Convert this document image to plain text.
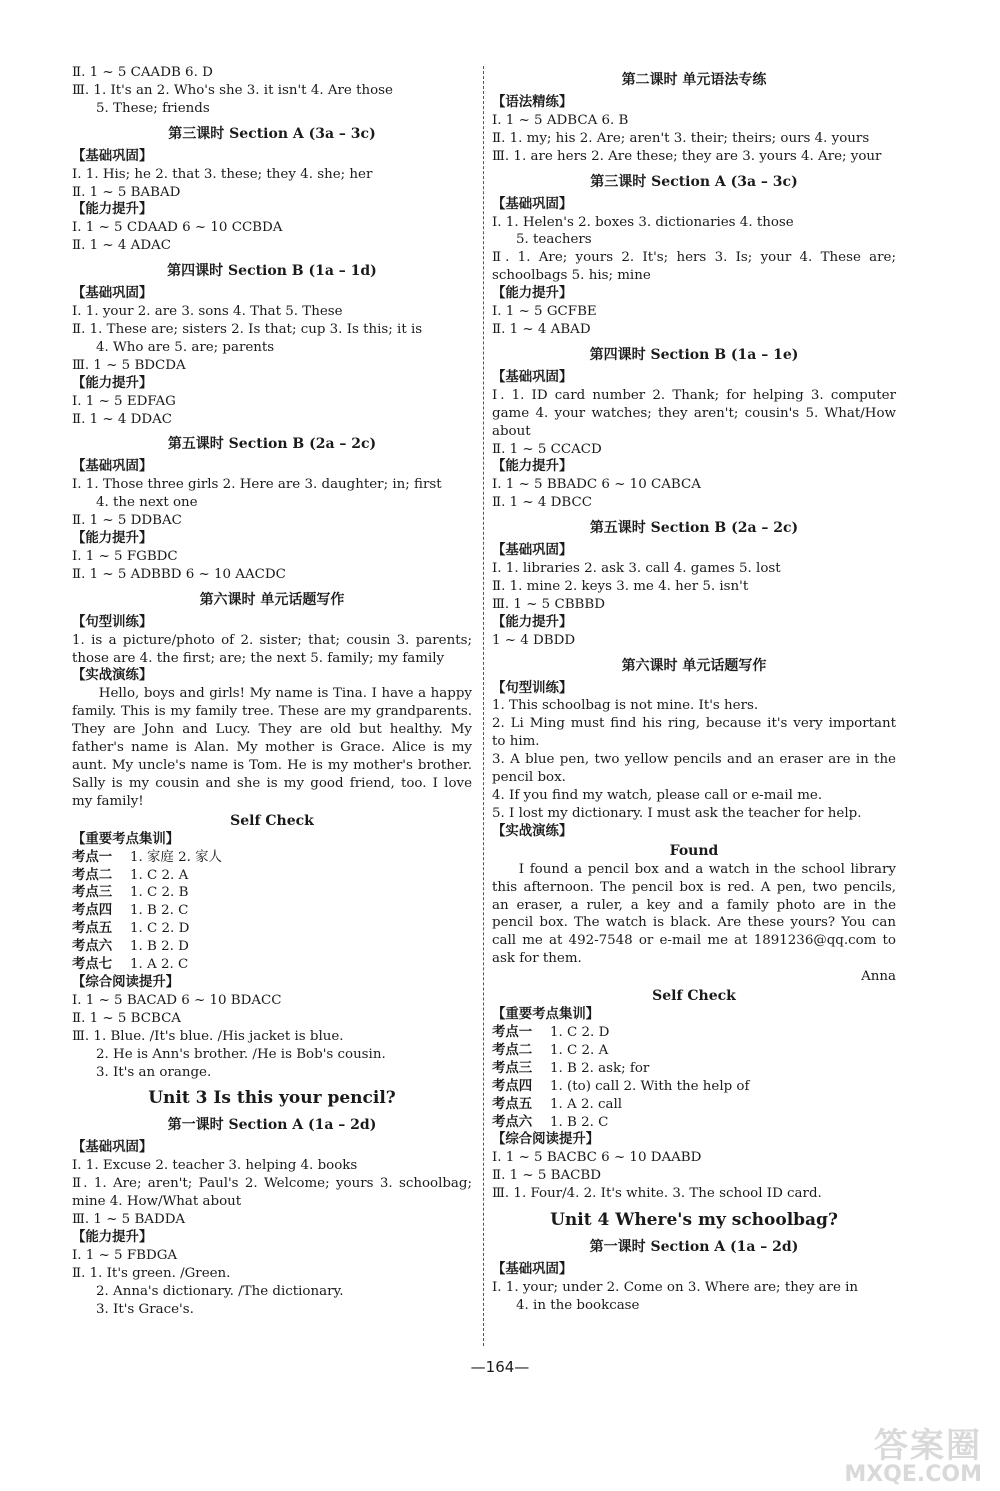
Ⅱ. 1 ~ 5 CAADB 6. D
Ⅲ. 1. It's an 2. Who's she 3. it isn't 4. Are those
5. These; friends
第三课时 Section A (3a – 3c)
【基础巩固】
Ⅰ. 1. His; he 2. that 3. these; they 4. she; her
Ⅱ. 1 ~ 5 BABAD
【能力提升】
Ⅰ. 1 ~ 5 CDAAD 6 ~ 10 CCBDA
Ⅱ. 1 ~ 4 ADAC
第四课时 Section B (1a – 1d)
【基础巩固】
Ⅰ. 1. your 2. are 3. sons 4. That 5. These
Ⅱ. 1. These are; sisters 2. Is that; cup 3. Is this; it is
4. Who are 5. are; parents
Ⅲ. 1 ~ 5 BDCDA
【能力提升】
Ⅰ. 1 ~ 5 EDFAG
Ⅱ. 1 ~ 4 DDAC
第五课时 Section B (2a – 2c)
【基础巩固】
Ⅰ. 1. Those three girls 2. Here are 3. daughter; in; first
4. the next one
Ⅱ. 1 ~ 5 DDBAC
【能力提升】
Ⅰ. 1 ~ 5 FGBDC
Ⅱ. 1 ~ 5 ADBBD 6 ~ 10 AACDC
第六课时 单元话题写作
【句型训练】
1. is a picture/photo of 2. sister; that; cousin 3. parents; those are 4. the first; are; the next 5. family; my family
【实战演练】
Hello, boys and girls! My name is Tina. I have a happy family. This is my family tree. These are my grandparents. They are John and Lucy. They are old but healthy. My father's name is Alan. My mother is Grace. Alice is my aunt. My uncle's name is Tom. He is my mother's brother. Sally is my cousin and she is my good friend, too. I love my family!
Self Check
【重要考点集训】
考点一 1. 家庭 2. 家人
考点二 1. C 2. A
考点三 1. C 2. B
考点四 1. B 2. C
考点五 1. C 2. D
考点六 1. B 2. D
考点七 1. A 2. C
【综合阅读提升】
Ⅰ. 1 ~ 5 BACAD 6 ~ 10 BDACC
Ⅱ. 1 ~ 5 BCBCA
Ⅲ. 1. Blue. /It's blue. /His jacket is blue.
2. He is Ann's brother. /He is Bob's cousin.
3. It's an orange.
Unit 3 Is this your pencil?
第一课时 Section A (1a – 2d)
【基础巩固】
Ⅰ. 1. Excuse 2. teacher 3. helping 4. books
Ⅱ. 1. Are; aren't; Paul's 2. Welcome; yours 3. schoolbag; mine 4. How/What about
Ⅲ. 1 ~ 5 BADDA
【能力提升】
Ⅰ. 1 ~ 5 FBDGA
Ⅱ. 1. It's green. /Green.
2. Anna's dictionary. /The dictionary.
3. It's Grace's.
第二课时 单元语法专练
【语法精练】
Ⅰ. 1 ~ 5 ADBCA 6. B
Ⅱ. 1. my; his 2. Are; aren't 3. their; theirs; ours 4. yours
Ⅲ. 1. are hers 2. Are these; they are 3. yours 4. Are; your
第三课时 Section A (3a – 3c)
【基础巩固】
Ⅰ. 1. Helen's 2. boxes 3. dictionaries 4. those
5. teachers
Ⅱ. 1. Are; yours 2. It's; hers 3. Is; your 4. These are; schoolbags 5. his; mine
【能力提升】
Ⅰ. 1 ~ 5 GCFBE
Ⅱ. 1 ~ 4 ABAD
第四课时 Section B (1a – 1e)
【基础巩固】
Ⅰ. 1. ID card number 2. Thank; for helping 3. computer game 4. your watches; they aren't; cousin's 5. What/How about
Ⅱ. 1 ~ 5 CCACD
【能力提升】
Ⅰ. 1 ~ 5 BBADC 6 ~ 10 CABCA
Ⅱ. 1 ~ 4 DBCC
第五课时 Section B (2a – 2c)
【基础巩固】
Ⅰ. 1. libraries 2. ask 3. call 4. games 5. lost
Ⅱ. 1. mine 2. keys 3. me 4. her 5. isn't
Ⅲ. 1 ~ 5 CBBBD
【能力提升】
1 ~ 4 DBDD
第六课时 单元话题写作
【句型训练】
1. This schoolbag is not mine. It's hers.
2. Li Ming must find his ring, because it's very important to him.
3. A blue pen, two yellow pencils and an eraser are in the pencil box.
4. If you find my watch, please call or e-mail me.
5. I lost my dictionary. I must ask the teacher for help.
【实战演练】
Found
I found a pencil box and a watch in the school library this afternoon. The pencil box is red. A pen, two pencils, an eraser, a ruler, a key and a family photo are in the pencil box. The watch is black. Are these yours? You can call me at 492-7548 or e-mail me at 1891236@qq.com to ask for them.
Anna
Self Check
【重要考点集训】
考点一 1. C 2. D
考点二 1. C 2. A
考点三 1. B 2. ask; for
考点四 1. (to) call 2. With the help of
考点五 1. A 2. call
考点六 1. B 2. C
【综合阅读提升】
Ⅰ. 1 ~ 5 BACBC 6 ~ 10 DAABD
Ⅱ. 1 ~ 5 BACBD
Ⅲ. 1. Four/4. 2. It's white. 3. The school ID card.
Unit 4 Where's my schoolbag?
第一课时 Section A (1a – 2d)
【基础巩固】
Ⅰ. 1. your; under 2. Come on 3. Where are; they are in
4. in the bookcase
—164—
答案圈
MXQE.COM
